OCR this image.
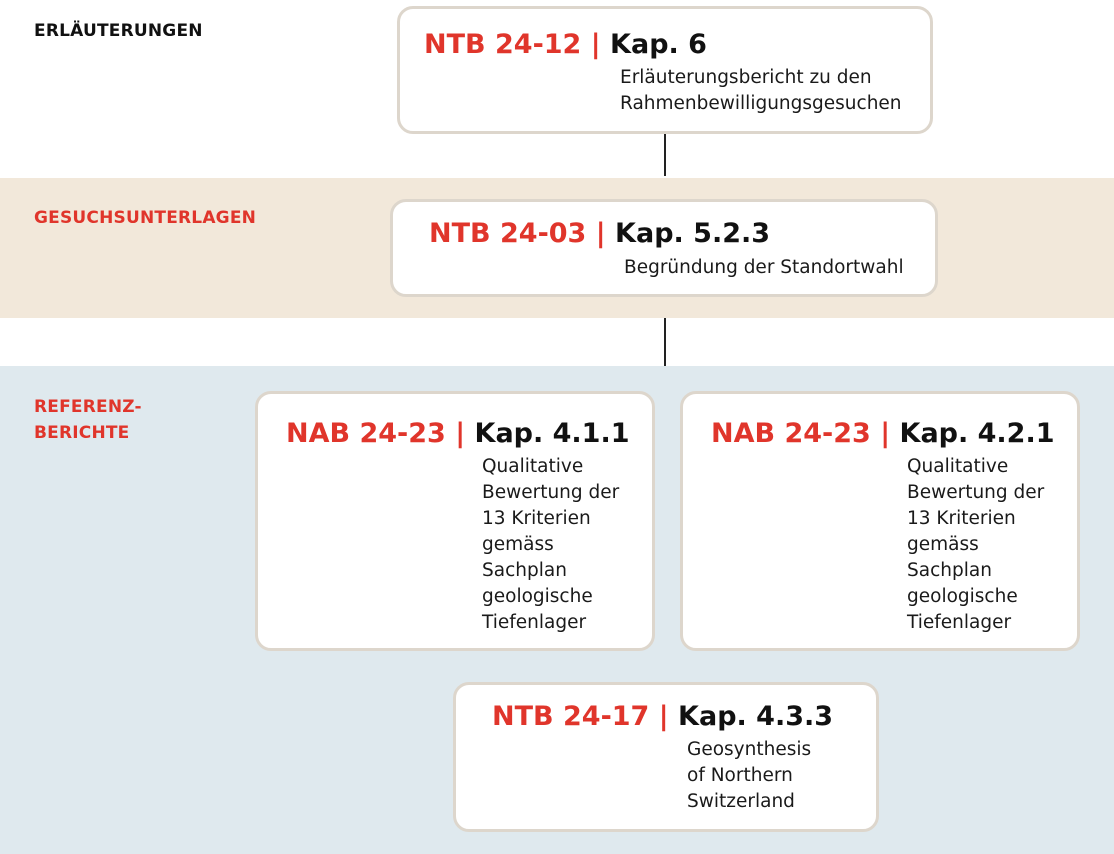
ERLÄUTERUNGEN
GESUCHSUNTERLAGEN
REFERENZ-
BERICHTE
NTB 24-12 | Kap. 6
Erläuterungsbericht zu den
Rahmenbewilligungsgesuchen
NTB 24-03 | Kap. 5.2.3
Begründung der Standortwahl
NAB 24-23 | Kap. 4.1.1
Qualitative
Bewertung der
13 Kriterien
gemäss
Sachplan
geologische
Tiefenlager
NAB 24-23 | Kap. 4.2.1
Qualitative
Bewertung der
13 Kriterien
gemäss
Sachplan
geologische
Tiefenlager
NTB 24-17 | Kap. 4.3.3
Geosynthesis
of Northern
Switzerland
